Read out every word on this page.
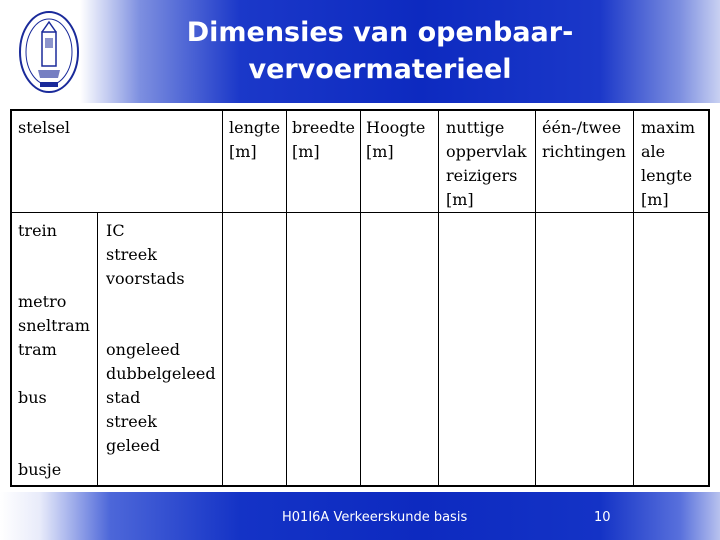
Dimensies van openbaar-
vervoermaterieel
stelsel	lengte
[m]
breedte
[m]
Hoogte
[m]
nuttige
oppervlak
reizigers
[m]
één-/twee
richtingen
maxim
ale
lengte
[m]
trein
metro
sneltram
tram
bus
busje
IC
streek
voorstads
ongeleed
dubbelgeleed
stad
streek
geleed
H01I6A Verkeerskunde basis	10
